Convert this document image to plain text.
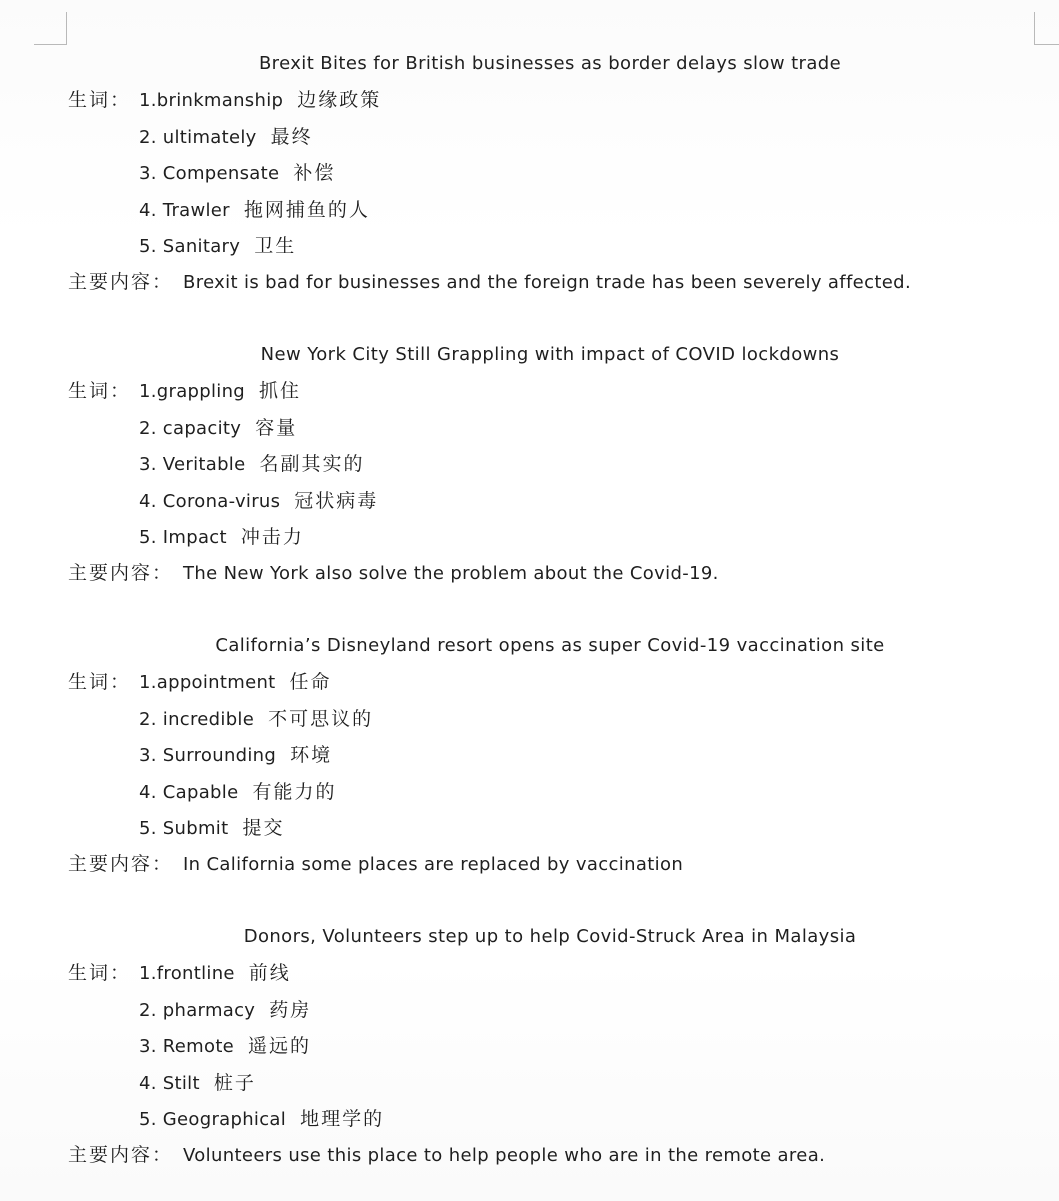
Brexit Bites for British businesses as border delays slow trade
生词： 1.brinkmanship 边缘政策
2. ultimately 最终
3. Compensate 补偿
4. Trawler 拖网捕鱼的人
5. Sanitary 卫生
主要内容： Brexit is bad for businesses and the foreign trade has been severely affected.
New York City Still Grappling with impact of COVID lockdowns
生词： 1.grappling 抓住
2. capacity 容量
3. Veritable 名副其实的
4. Corona-virus 冠状病毒
5. Impact 冲击力
主要内容： The New York also solve the problem about the Covid-19.
California’s Disneyland resort opens as super Covid-19 vaccination site
生词： 1.appointment 任命
2. incredible 不可思议的
3. Surrounding 环境
4. Capable 有能力的
5. Submit 提交
主要内容： In California some places are replaced by vaccination
Donors, Volunteers step up to help Covid-Struck Area in Malaysia
生词： 1.frontline 前线
2. pharmacy 药房
3. Remote 遥远的
4. Stilt 桩子
5. Geographical 地理学的
主要内容： Volunteers use this place to help people who are in the remote area.
